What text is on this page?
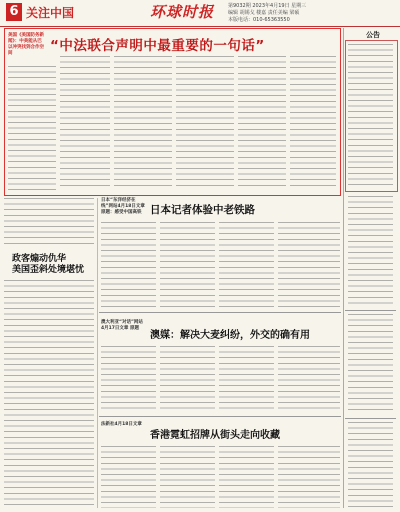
6 关注中国	环球时报	第9032期 2023年4月19日 星期三
编辑 胡锡戈 楼嘉 责任美编 梁硕
本版电话：010-65363550
美国《美国防务新闻》：中美能从巴以冲突找到合作空间	“中法联合声明中最重要的一句话”
政客煽动仇华
美国歪斜处境堪忧
日本“东洋经济在线”网站4月18日文章 原题：感受中国高铁 日本记者体验中老铁路
澳大利亚“对话”网站4月17日文章 原题
澳媒：解决大麦纠纷，外交的确有用
法新社4月18日文章
香港霓虹招牌从街头走向收藏
公告
